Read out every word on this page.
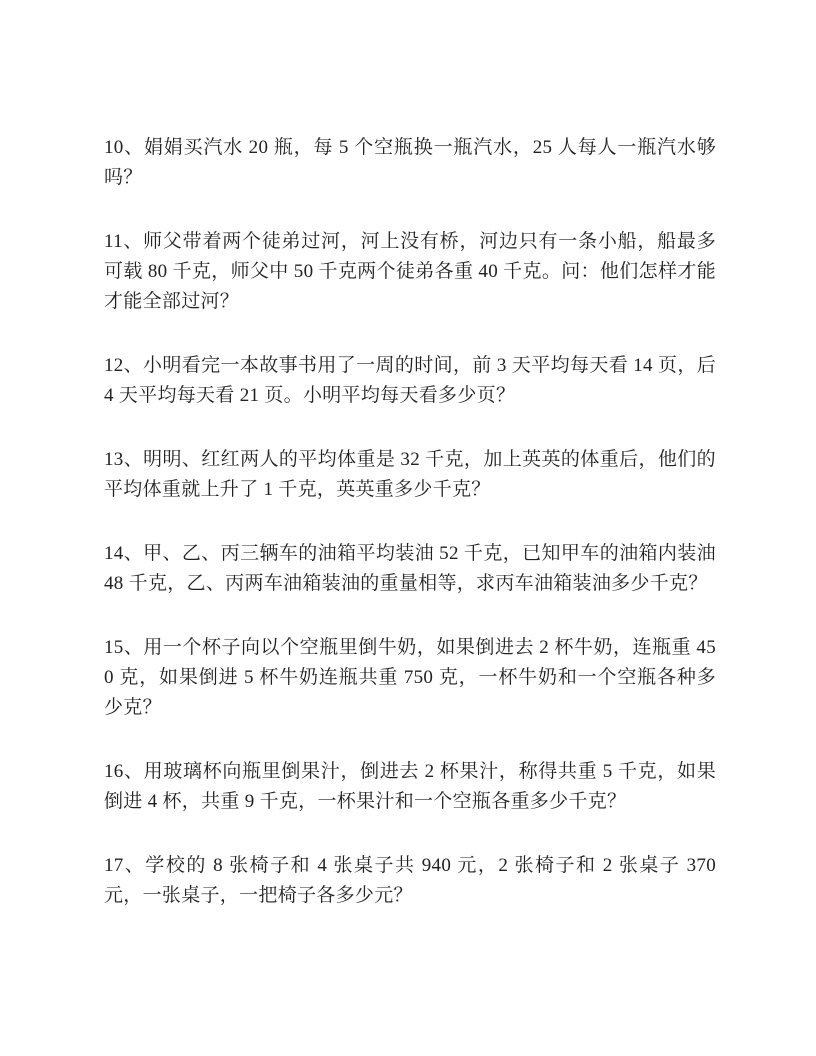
10、娟娟买汽水 20 瓶，每 5 个空瓶换一瓶汽水，25 人每人一瓶汽水够吗？

11、师父带着两个徒弟过河，河上没有桥，河边只有一条小船，船最多可载 80 千克，师父中 50 千克两个徒弟各重 40 千克。问：他们怎样才能才能全部过河？

12、小明看完一本故事书用了一周的时间，前 3 天平均每天看 14 页，后 4 天平均每天看 21 页。小明平均每天看多少页？

13、明明、红红两人的平均体重是 32 千克，加上英英的体重后，他们的平均体重就上升了 1 千克，英英重多少千克？

14、甲、乙、丙三辆车的油箱平均装油 52 千克，已知甲车的油箱内装油 48 千克，乙、丙两车油箱装油的重量相等，求丙车油箱装油多少千克？

15、用一个杯子向以个空瓶里倒牛奶，如果倒进去 2 杯牛奶，连瓶重 450 克，如果倒进 5 杯牛奶连瓶共重 750 克，一杯牛奶和一个空瓶各种多少克？

16、用玻璃杯向瓶里倒果汁，倒进去 2 杯果汁，称得共重 5 千克，如果倒进 4 杯，共重 9 千克，一杯果汁和一个空瓶各重多少千克？

17、学校的 8 张椅子和 4 张桌子共 940 元，2 张椅子和 2 张桌子 370 元，一张桌子，一把椅子各多少元？
